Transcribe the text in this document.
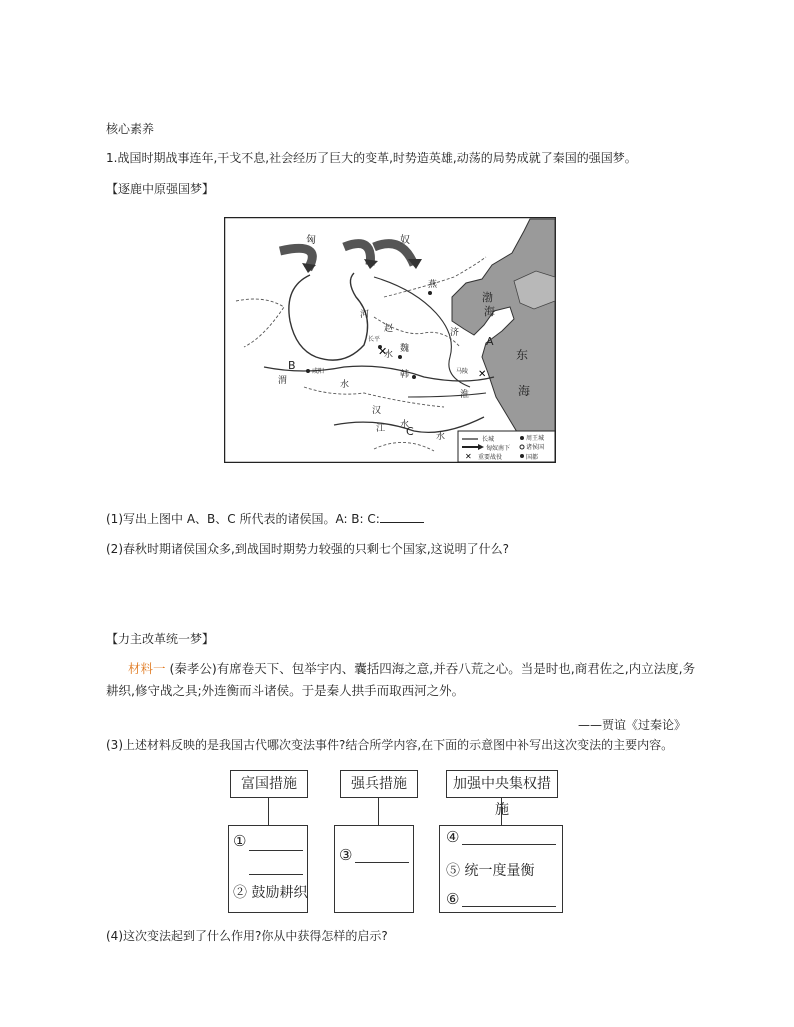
核心素养
1.战国时期战事连年,干戈不息,社会经历了巨大的变革,时势造英雄,动荡的局势成就了秦国的强国梦。
【逐鹿中原强国梦】
✕
✕
匈	奴
渤
海
东
海
A
B
C
燕
赵
韩
魏
河
水
济
渭	水
淮
汉
水
江
水
长平
马陵
咸阳
✕
长城
匈奴南下
重要战役
周王城
诸侯国
国都
(1)写出上图中 A、B、C 所代表的诸侯国。A: B: C:
(2)春秋时期诸侯国众多,到战国时期势力较强的只剩七个国家,这说明了什么?
【力主改革统一梦】
材料一 (秦孝公)有席卷天下、包举宇内、囊括四海之意,并吞八荒之心。当是时也,商君佐之,内立法度,务
耕织,修守战之具;外连衡而斗诸侯。于是秦人拱手而取西河之外。
——贾谊《过秦论》
(3)上述材料反映的是我国古代哪次变法事件?结合所学内容,在下面的示意图中补写出这次变法的主要内容。
富国措施	强兵措施	加强中央集权措施
①
② 鼓励耕织
③
④
⑤ 统一度量衡
⑥
(4)这次变法起到了什么作用?你从中获得怎样的启示?
